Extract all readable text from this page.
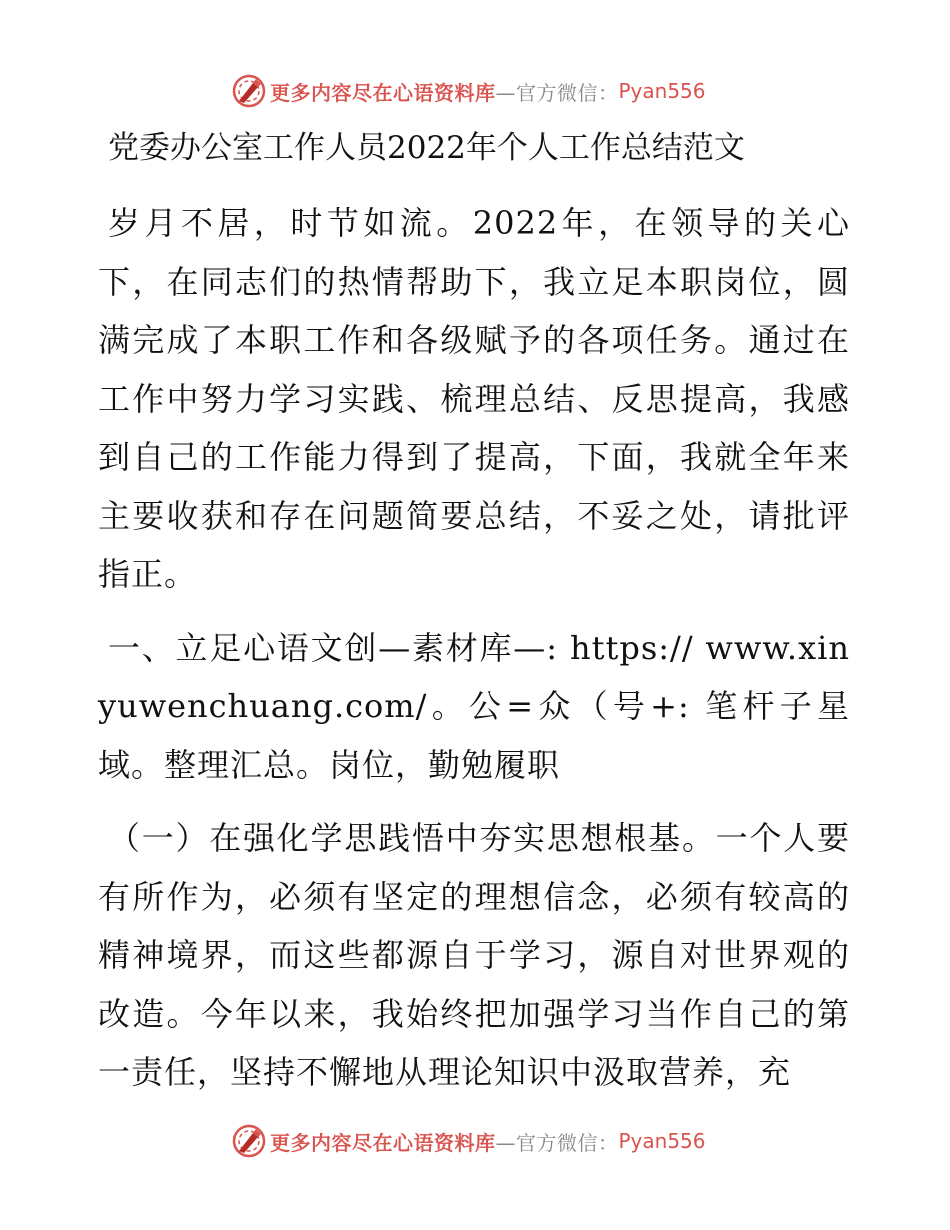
更多内容尽在心语资料库 —官方微信： Pyan556
党委办公室工作人员2022年个人工作总结范文

岁月不居，时节如流。2022年，在领导的关心下，在同志们的热情帮助下，我立足本职岗位，圆满完成了本职工作和各级赋予的各项任务。通过在工作中努力学习实践、梳理总结、反思提高，我感到自己的工作能力得到了提高，下面，我就全年来主要收获和存在问题简要总结，不妥之处，请批评指正。

一、立足心语文创—素材库—: https:// www.xinyuwenchuang.com/。公=众（号+: 笔杆子星域。整理汇总。岗位，勤勉履职

（一）在强化学思践悟中夯实思想根基。一个人要有所作为，必须有坚定的理想信念，必须有较高的精神境界，而这些都源自于学习，源自对世界观的改造。今年以来，我始终把加强学习当作自己的第一责任，坚持不懈地从理论知识中汲取营养，充

更多内容尽在心语资料库 —官方微信： Pyan556
